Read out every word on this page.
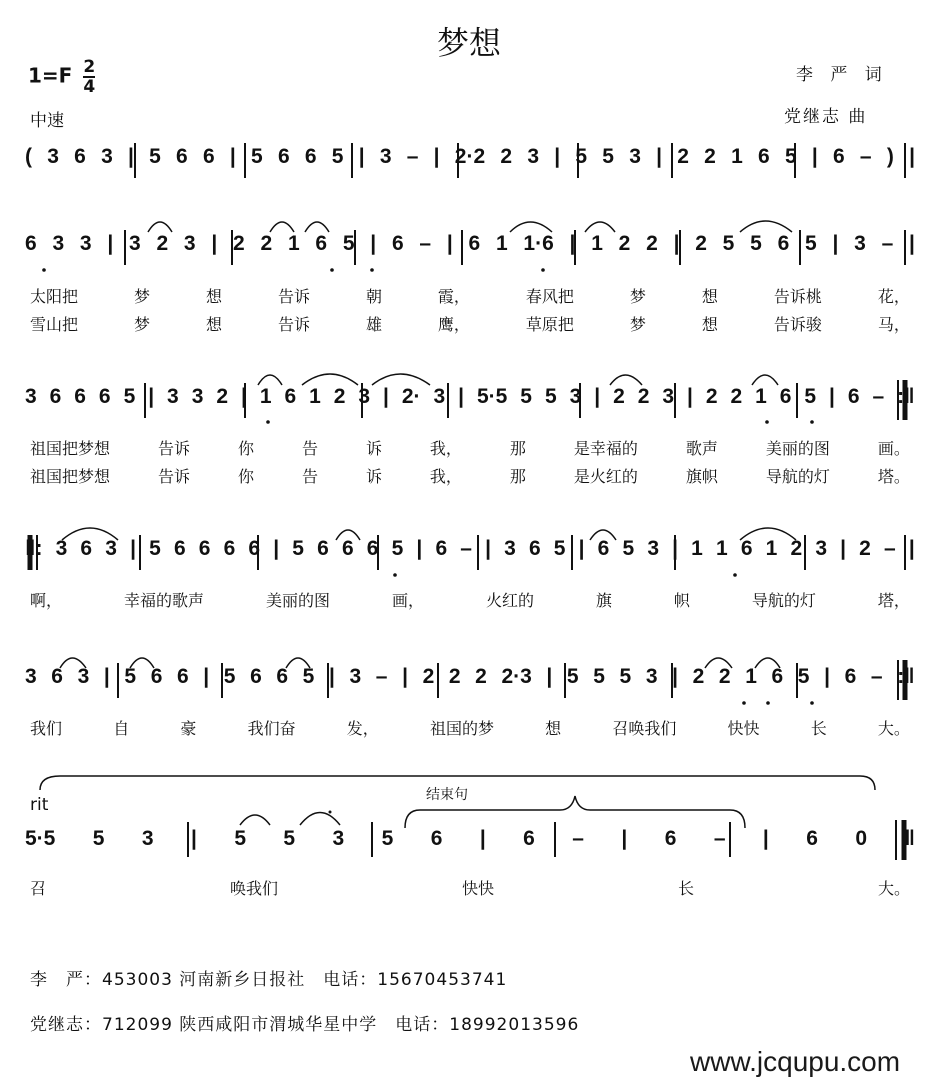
梦想
$1=F \frac{2}{4}$
中速
李 严 词
党继志 曲
( 3 6 3 | 5 6 6 | 5 6 6 5 | 3 – | 2·2 2 3 | 5 5 3 | 2 2 1 6 5 | 6 – ) |
6 3 3 | 3 2 3 | 2 2 1 6 5 | 6 – | 6 1 1·6 | 1 2 2 | 2 5 5 6 5 | 3 – |
太阳把	梦	想	告诉	朝	霞，	春风把	梦	想	告诉桃	花，
雪山把	梦	想	告诉	雄	鹰，	草原把	梦	想	告诉骏	马，
3 6 6 6 5 | 3 3 2 | 1 6 1 2 3 | 2· 3 | 5·5 5 5 3 | 2 2 3 | 2 2 1 6 5 | 6 – :‖
祖国把梦想	告诉	你	告	诉	我，	那	是幸福的	歌声	美丽的图	画。
祖国把梦想	告诉	你	告	诉	我，	那	是火红的	旗帜	导航的灯	塔。
‖: 3 6 3 | 5 6 6 6 6 | 5 6 6 6 5 | 6 – | 3 6 5 | 6 5 3 | 1 1 6 1 2 3 | 2 – |
啊，	幸福的歌声	美丽的图	画，	火红的	旗	帜	导航的灯	塔，
3 6 3 | 5 6 6 | 5 6 6 5 | 3 – | 2 2 2 2·3 | 5 5 5 3 | 2 2 1 6 5 | 6 – :‖
我们	自	豪	我们奋	发，	祖国的梦	想	召唤我们	快快	长	大。
rit	结束句
5·5 5 3 | 5 5 3 5 6 | 6 – | 6 – | 6 0 ‖
召	唤我们	快快	长	大。
李　严：453003 河南新乡日报社　电话：15670453741
党继志：712099 陕西咸阳市渭城华星中学　电话：18992013596
www.jcqupu.com
